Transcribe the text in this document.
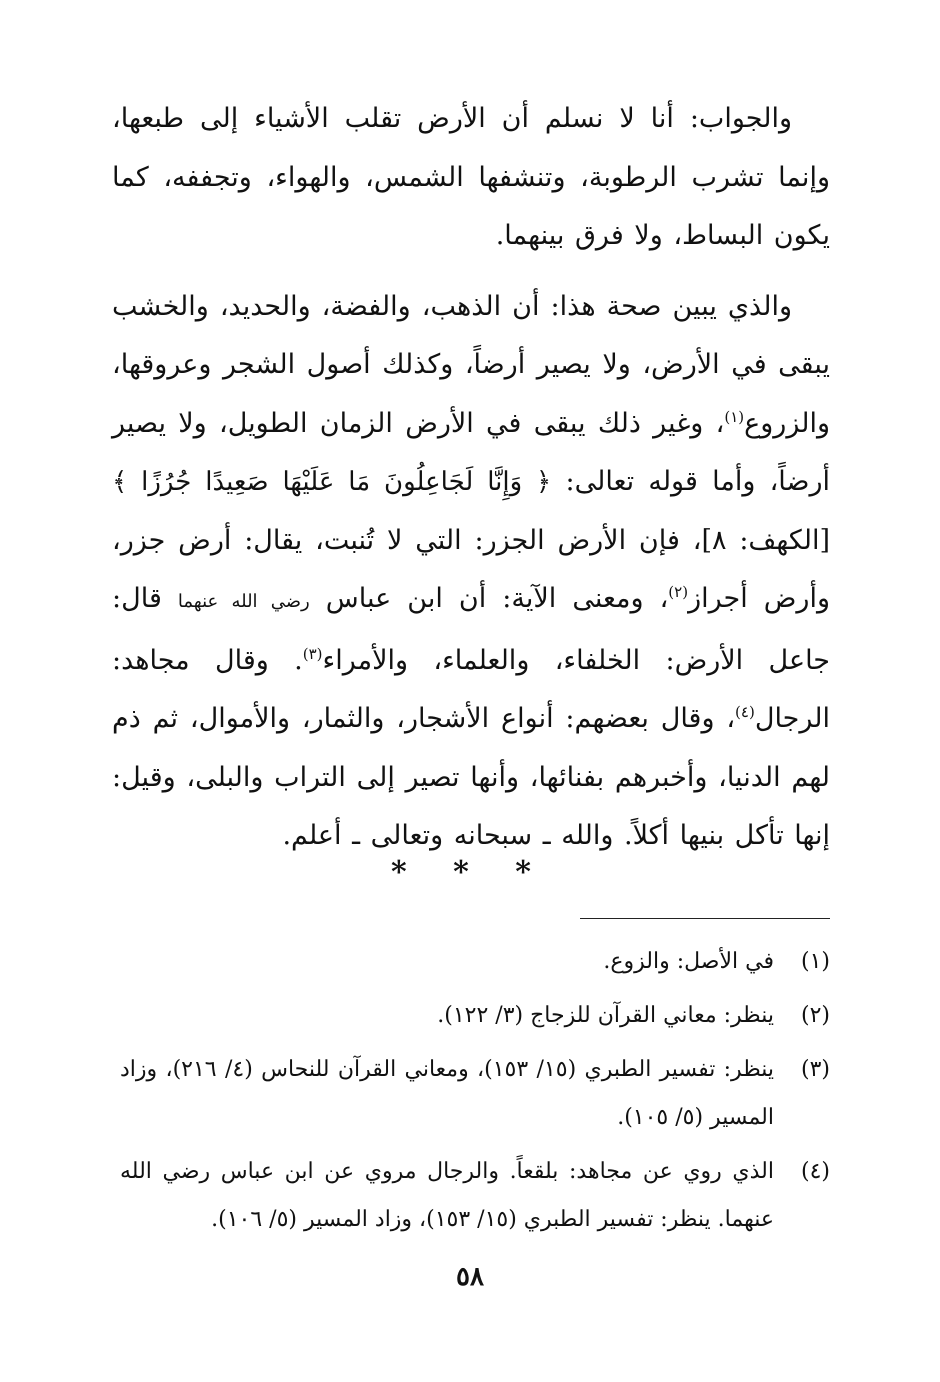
والجواب: أنا لا نسلم أن الأرض تقلب الأشياء إلى طبعها، وإنما تشرب الرطوبة، وتنشفها الشمس، والهواء، وتجففه، كما يكون البساط، ولا فرق بينهما.

والذي يبين صحة هذا: أن الذهب، والفضة، والحديد، والخشب يبقى في الأرض، ولا يصير أرضاً، وكذلك أصول الشجر وعروقها، والزروع$^{(١)}$، وغير ذلك يبقى في الأرض الزمان الطويل، ولا يصير أرضاً، وأما قوله تعالى: ﴿ وَإِنَّا لَجَاعِلُونَ مَا عَلَيْهَا صَعِيدًا جُرُزًا ﴾[الكهف: ٨]، فإن الأرض الجزر: التي لا تُنبت، يقال: أرض جزر، وأرض أجراز$^{(٢)}$، ومعنى الآية: أن ابن عباس رضي الله عنهما قال: جاعل الأرض: الخلفاء، والعلماء، والأمراء$^{(٣)}$. وقال مجاهد: الرجال$^{(٤)}$، وقال بعضهم: أنواع الأشجار، والثمار، والأموال، ثم ذم لهم الدنيا، وأخبرهم بفنائها، وأنها تصير إلى التراب والبلى، وقيل: إنها تأكل بنيها أكلاً. والله ـ سبحانه وتعالى ـ أعلم.

* * *
(١)
في الأصل: والزوع.
(٢)
ينظر: معاني القرآن للزجاج (٣/ ١٢٢).
(٣)
ينظر: تفسير الطبري (١٥/ ١٥٣)، ومعاني القرآن للنحاس (٤/ ٢١٦)، وزاد المسير (٥/ ١٠٥).
(٤)
الذي روي عن مجاهد: بلقعاً. والرجال مروي عن ابن عباس رضي الله عنهما. ينظر: تفسير الطبري (١٥/ ١٥٣)، وزاد المسير (٥/ ١٠٦).
٥٨
